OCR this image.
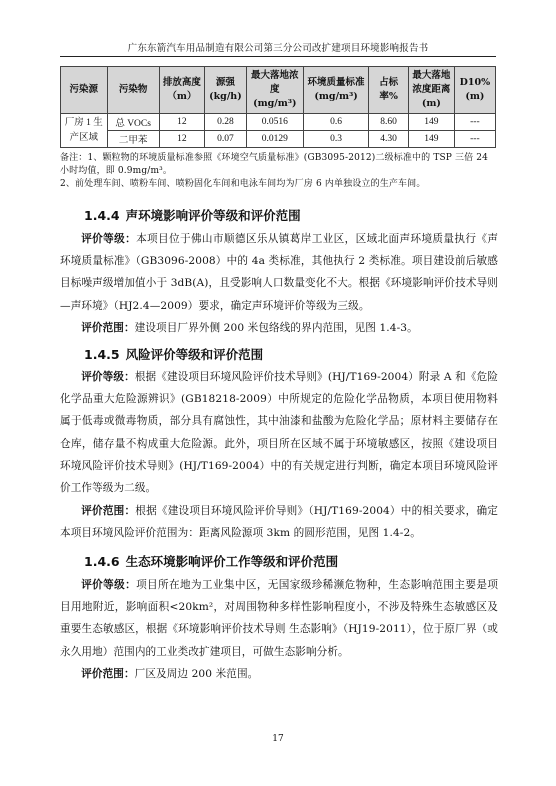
广东东箭汽车用品制造有限公司第三分公司改扩建项目环境影响报告书
污染源	污染物	排放高度（m）	源强(kg/h)	最大落地浓度(mg/m³)	环境质量标准(mg/m³)	占标率%	最大落地浓度距离(m)	D10%(m)
厂房 1 生产区域	总 VOCs	12	0.28	0.0516	0.6	8.60	149	---
	二甲苯	12	0.07	0.0129	0.3	4.30	149	---
备注：1、颗粒物的环境质量标准参照《环境空气质量标准》(GB3095-2012)二级标准中的 TSP 三倍 24 小时均值，即 0.9mg/m³。
2、前处理车间、喷粉车间、喷粉固化车间和电泳车间均为厂房 6 内单独设立的生产车间。
1.4.4 声环境影响评价等级和评价范围

评价等级：本项目位于佛山市顺德区乐从镇葛岸工业区，区域北面声环境质量执行《声环境质量标准》（GB3096-2008）中的 4a 类标准，其他执行 2 类标准。项目建设前后敏感目标噪声级增加值小于 3dB(A)，且受影响人口数量变化不大。根据《环境影响评价技术导则—声环境》（HJ2.4—2009）要求，确定声环境评价等级为三级。

评价范围：建设项目厂界外侧 200 米包络线的界内范围，见图 1.4-3。

1.4.5 风险评价等级和评价范围

评价等级：根据《建设项目环境风险评价技术导则》(HJ/T169-2004）附录 A 和《危险化学品重大危险源辨识》(GB18218-2009）中所规定的危险化学品物质，本项目使用物料属于低毒或微毒物质，部分具有腐蚀性，其中油漆和盐酸为危险化学品；原材料主要储存在仓库，储存量不构成重大危险源。此外，项目所在区域不属于环境敏感区，按照《建设项目环境风险评价技术导则》(HJ/T169-2004）中的有关规定进行判断，确定本项目环境风险评价工作等级为二级。

评价范围：根据《建设项目环境风险评价导则》（HJ/T169-2004）中的相关要求，确定本项目环境风险评价范围为：距离风险源项 3km 的圆形范围，见图 1.4-2。

1.4.6 生态环境影响评价工作等级和评价范围

评价等级：项目所在地为工业集中区，无国家级珍稀濒危物种，生态影响范围主要是项目用地附近，影响面积<20km²，对周围物种多样性影响程度小，不涉及特殊生态敏感区及重要生态敏感区，根据《环境影响评价技术导则 生态影响》（HJ19-2011），位于原厂界（或永久用地）范围内的工业类改扩建项目，可做生态影响分析。

评价范围：厂区及周边 200 米范围。

17
